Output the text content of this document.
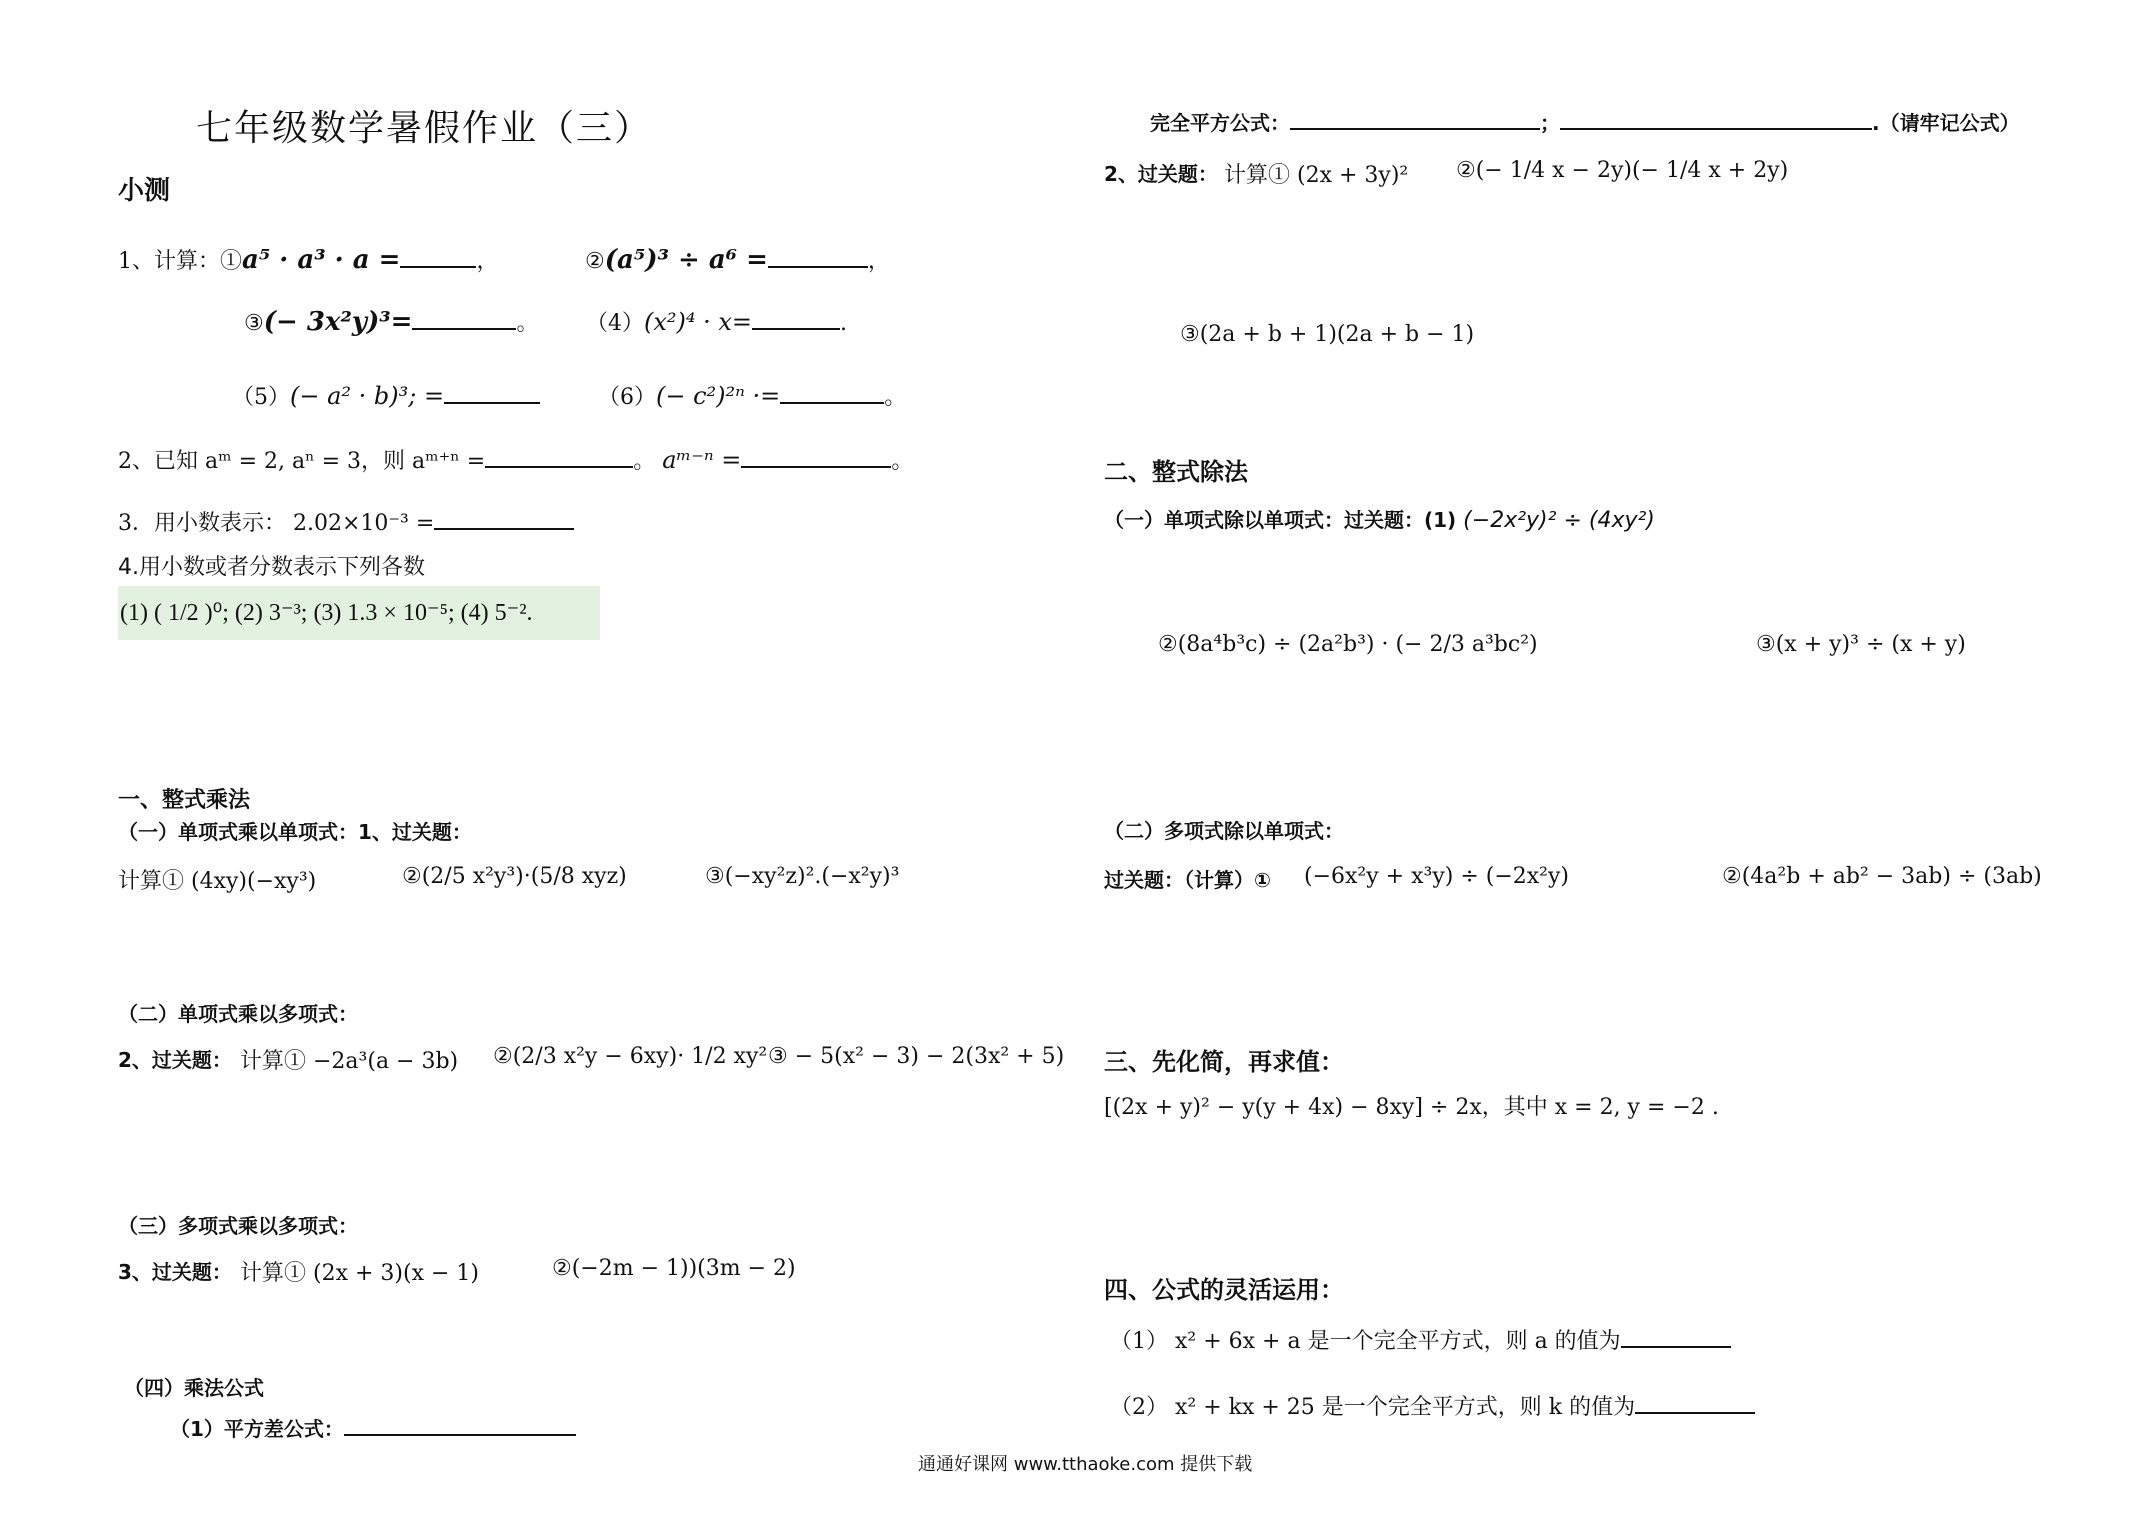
七年级数学暑假作业（三）
小测
1、计算：①a⁵ · a³ · a =	，	②(a⁵)³ ÷ a⁶ =	，
③(− 3x²y)³=	。 （4）(x²)⁴ · x=	.
（5）(− a² · b)³; =	（6）(− c²)²ⁿ ·=	。
2、已知 aᵐ = 2, aⁿ = 3，则 aᵐ⁺ⁿ =	。 aᵐ⁻ⁿ =	。
3．用小数表示： 2.02×10⁻³ =
4.用小数或者分数表示下列各数
(1) ( 1/2 )⁰; (2) 3⁻³; (3) 1.3 × 10⁻⁵; (4) 5⁻².
一、整式乘法
（一）单项式乘以单项式：1、过关题：
计算① (4xy)(−xy³)	②(2/5 x²y³)·(5/8 xyz)	③(−xy²z)².(−x²y)³
（二）单项式乘以多项式：
2、过关题： 计算① −2a³(a − 3b) ②(2/3 x²y − 6xy)· 1/2 xy² ③ − 5(x² − 3) − 2(3x² + 5)
（三）多项式乘以多项式：
3、过关题： 计算① (2x + 3)(x − 1)	②(−2m − 1))(3m − 2)
（四）乘法公式
（1）平方差公式：
完全平方公式：	；	.（请牢记公式）
2、过关题： 计算① (2x + 3y)² ②(− 1/4 x − 2y)(− 1/4 x + 2y)
③(2a + b + 1)(2a + b − 1)
二、整式除法
（一）单项式除以单项式：过关题：(1) (−2x²y)² ÷ (4xy²)
②(8a⁴b³c) ÷ (2a²b³) · (− 2/3 a³bc²)	③(x + y)³ ÷ (x + y)
（二）多项式除以单项式：
过关题：（计算）① (−6x²y + x³y) ÷ (−2x²y)	②(4a²b + ab² − 3ab) ÷ (3ab)
三、先化简，再求值：
[(2x + y)² − y(y + 4x) − 8xy] ÷ 2x，其中 x = 2, y = −2 .
四、公式的灵活运用：
（1） x² + 6x + a 是一个完全平方式，则 a 的值为
（2） x² + kx + 25 是一个完全平方式，则 k 的值为
通通好课网 www.tthaoke.com 提供下载
